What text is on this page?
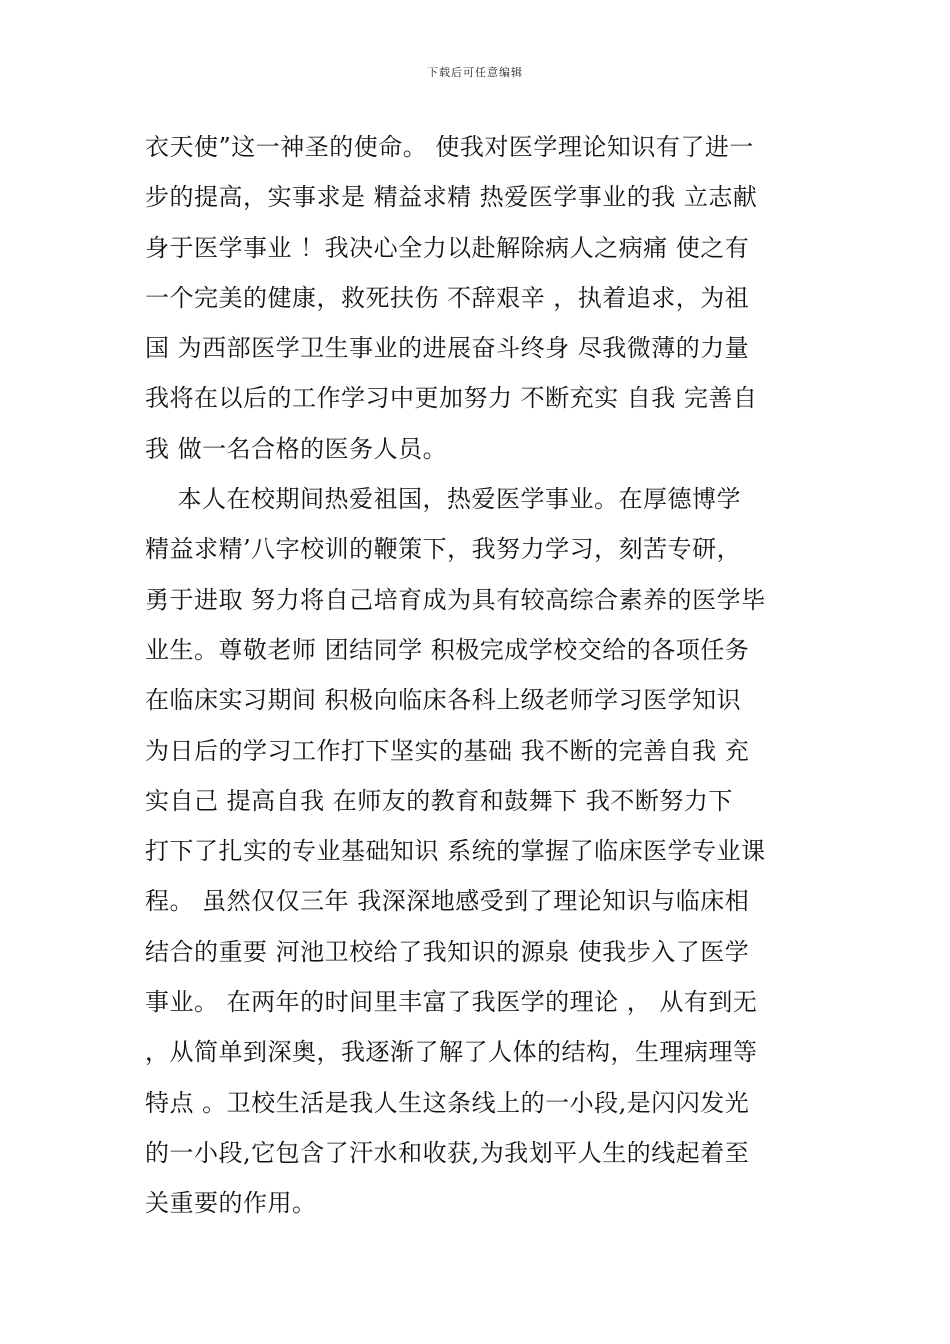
下载后可任意编辑
衣天使”这一神圣的使命。 使我对医学理论知识有了进一
步的提高，实事求是 精益求精 热爱医学事业的我 立志献
身于医学事业 ！我决心全力以赴解除病人之病痛 使之有
一个完美的健康，救死扶伤 不辞艰辛 ，执着追求，为祖
国 为西部医学卫生事业的进展奋斗终身 尽我微薄的力量
我将在以后的工作学习中更加努力 不断充实 自我 完善自
我 做一名合格的医务人员。
本人在校期间热爱祖国，热爱医学事业。在厚德博学
精益求精’八字校训的鞭策下，我努力学习，刻苦专研，
勇于进取 努力将自己培育成为具有较高综合素养的医学毕
业生。尊敬老师 团结同学 积极完成学校交给的各项任务
在临床实习期间 积极向临床各科上级老师学习医学知识
为日后的学习工作打下坚实的基础 我不断的完善自我 充
实自己 提高自我 在师友的教育和鼓舞下 我不断努力下
打下了扎实的专业基础知识 系统的掌握了临床医学专业课
程。 虽然仅仅三年 我深深地感受到了理论知识与临床相
结合的重要 河池卫校给了我知识的源泉 使我步入了医学
事业。 在两年的时间里丰富了我医学的理论 ， 从有到无
，从简单到深奥，我逐渐了解了人体的结构，生理病理等
特点 。卫校生活是我人生这条线上的一小段,是闪闪发光
的一小段,它包含了汗水和收获,为我划平人生的线起着至
关重要的作用。
